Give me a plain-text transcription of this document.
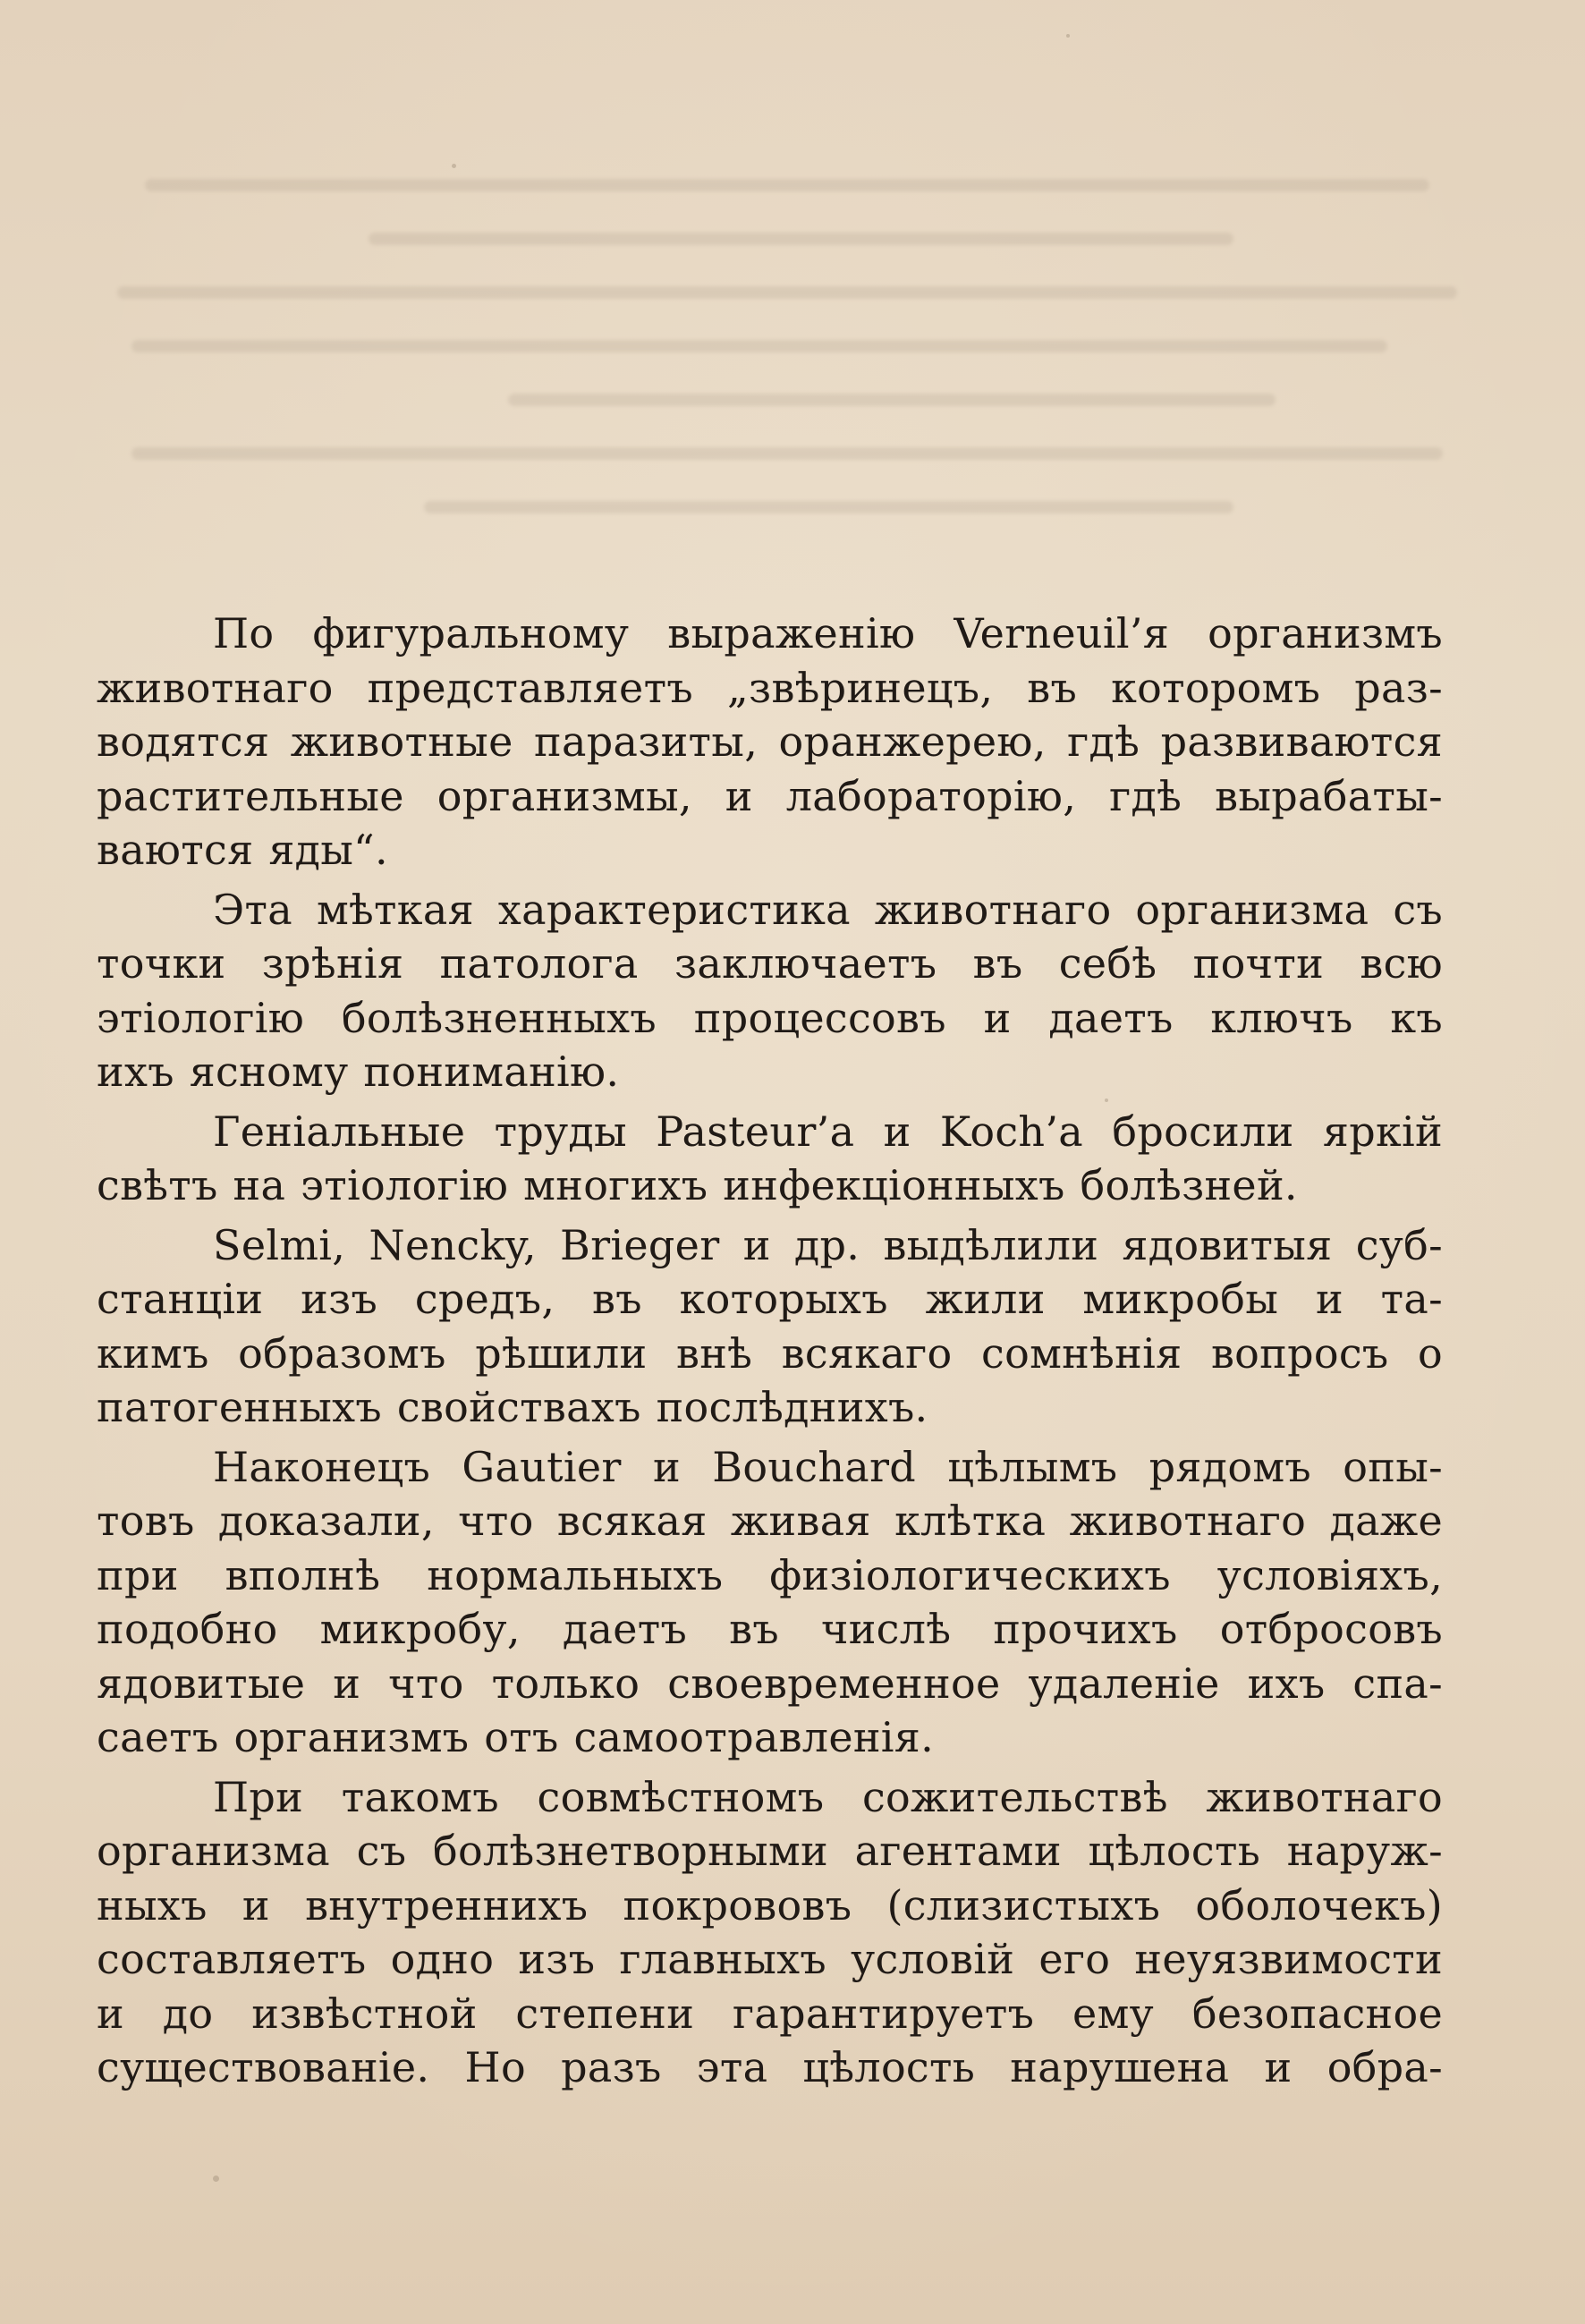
По фигуральному выраженію Verneuil’я организмъ
животнаго представляетъ „звѣринецъ, въ которомъ раз-
водятся животные паразиты, оранжерею, гдѣ развиваются
растительные организмы, и лабораторію, гдѣ вырабаты-
ваются яды“.
Эта мѣткая характеристика животнаго организма съ
точки зрѣнія патолога заключаетъ въ себѣ почти всю
этіологію болѣзненныхъ процессовъ и даетъ ключъ къ
ихъ ясному пониманію.
Геніальные труды Pasteur’а и Koch’а бросили яркій
свѣтъ на этіологію многихъ инфекціонныхъ болѣзней.
Selmi, Nencky, Brieger и др. выдѣлили ядовитыя суб-
станціи изъ средъ, въ которыхъ жили микробы и та-
кимъ образомъ рѣшили внѣ всякаго сомнѣнія вопросъ о
патогенныхъ свойствахъ послѣднихъ.
Наконецъ Gautier и Bouchard цѣлымъ рядомъ опы-
товъ доказали, что всякая живая клѣтка животнаго даже
при вполнѣ нормальныхъ физіологическихъ условіяхъ,
подобно микробу, даетъ въ числѣ прочихъ отбросовъ
ядовитые и что только своевременное удаленіе ихъ спа-
саетъ организмъ отъ самоотравленія.
При такомъ совмѣстномъ сожительствѣ животнаго
организма съ болѣзнетворными агентами цѣлость наруж-
ныхъ и внутреннихъ покрововъ (слизистыхъ оболочекъ)
составляетъ одно изъ главныхъ условій его неуязвимости
и до извѣстной степени гарантируетъ ему безопасное
существованіе. Но разъ эта цѣлость нарушена и обра-
